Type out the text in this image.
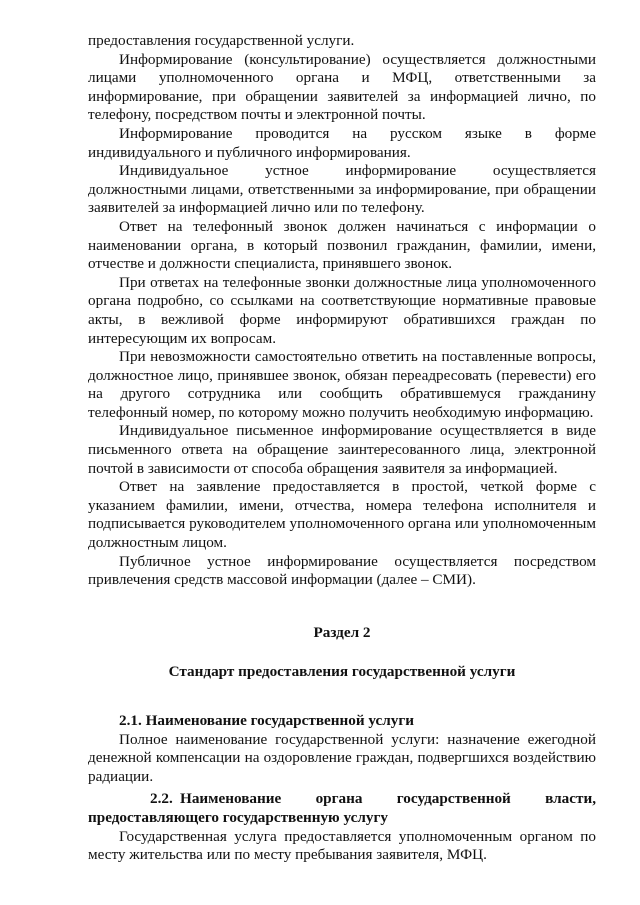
предоставления государственной услуги.

Информирование (консультирование) осуществляется должностными лицами уполномоченного органа и МФЦ, ответственными за информирование, при обращении заявителей за информацией лично, по телефону, посредством почты и электронной почты.

Информирование проводится на русском языке в форме индивидуального и публичного информирования.

Индивидуальное устное информирование осуществляется должностными лицами, ответственными за информирование, при обращении заявителей за информацией лично или по телефону.

Ответ на телефонный звонок должен начинаться с информации о наименовании органа, в который позвонил гражданин, фамилии, имени, отчестве и должности специалиста, принявшего звонок.

При ответах на телефонные звонки должностные лица уполномоченного органа подробно, со ссылками на соответствующие нормативные правовые акты, в вежливой форме информируют обратившихся граждан по интересующим их вопросам.

При невозможности самостоятельно ответить на поставленные вопросы, должностное лицо, принявшее звонок, обязан переадресовать (перевести) его на другого сотрудника или сообщить обратившемуся гражданину телефонный номер, по которому можно получить необходимую информацию.

Индивидуальное письменное информирование осуществляется в виде письменного ответа на обращение заинтересованного лица, электронной почтой в зависимости от способа обращения заявителя за информацией.

Ответ на заявление предоставляется в простой, четкой форме с указанием фамилии, имени, отчества, номера телефона исполнителя и подписывается руководителем уполномоченного органа или уполномоченным должностным лицом.

Публичное устное информирование осуществляется посредством привлечения средств массовой информации (далее – СМИ).

Раздел 2

Стандарт предоставления государственной услуги

2.1. Наименование государственной услуги

Полное наименование государственной услуги: назначение ежегодной денежной компенсации на оздоровление граждан, подвергшихся воздействию радиации.

2.2. Наименование органа государственной власти, предоставляющего государственную услугу

Государственная услуга предоставляется уполномоченным органом по месту жительства или по месту пребывания заявителя, МФЦ.
